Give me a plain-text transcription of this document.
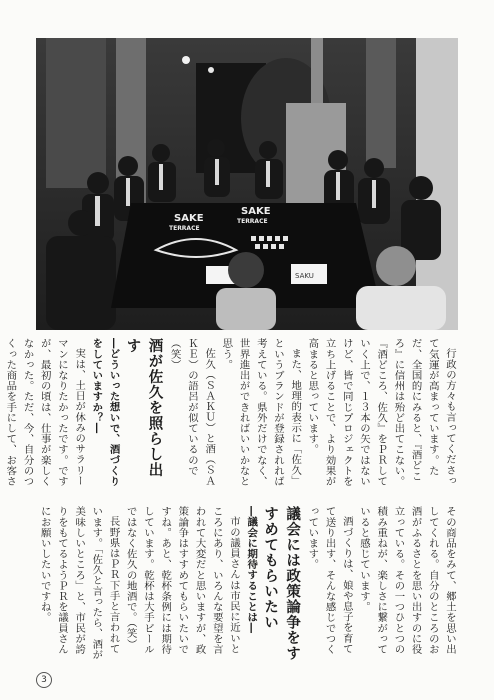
SAKE
TERRACE
SAKE
TERRACE
SAKU

行政の方々も言ってくださって気運が高まっています。ただ、全国的にみると、『酒どころ』に信州は殆ど出てこない。『酒どころ、佐久』をＰＲしていく上で、１３本の矢ではないけど、皆で同じプロジェクトを立ち上げることで、より効果が高まると思っています。

また、地理的表示に「佐久」というブランドが登録されれば考えている。県外だけでなく、世界進出ができればいいかなと思う。

佐久（ＳＡＫＵ）と酒（ＳＡＫＥ）の語呂が似ているので（笑）

酒が佐久を照らし出す

―どういった想いで、酒づくりをしていますか？―

実は、土日が休みのサラリーマンになりたかったです。ですが、最初の頃は、仕事が楽しくなかった。ただ、今、自分のつくった商品を手にして、お客さ

その商品をみて、郷土を思い出してくれる。自分のところのお酒がふるさとを思い出すのに役立っている。その一つひとつの積み重ねが、楽しさに繋がっていると感じています。

酒づくりは、娘や息子を育てて送り出す、そんな感じでつくっています。

議会には政策論争をすすめてもらいたい

―議会に期待することは―

市の議員さんは市民に近いところにあり、いろんな要望を言われて大変だと思いますが、政策論争はすすめてもらいたいですね。あと、乾杯条例には期待しています。乾杯は大手ビールではなく佐久の地酒で。（笑）

長野県はＰＲ下手と言われています。「佐久と言ったら、酒が美味しいところ」と、市民が誇りをもてるようＰＲを議員さんにお願いしたいですね。

3
